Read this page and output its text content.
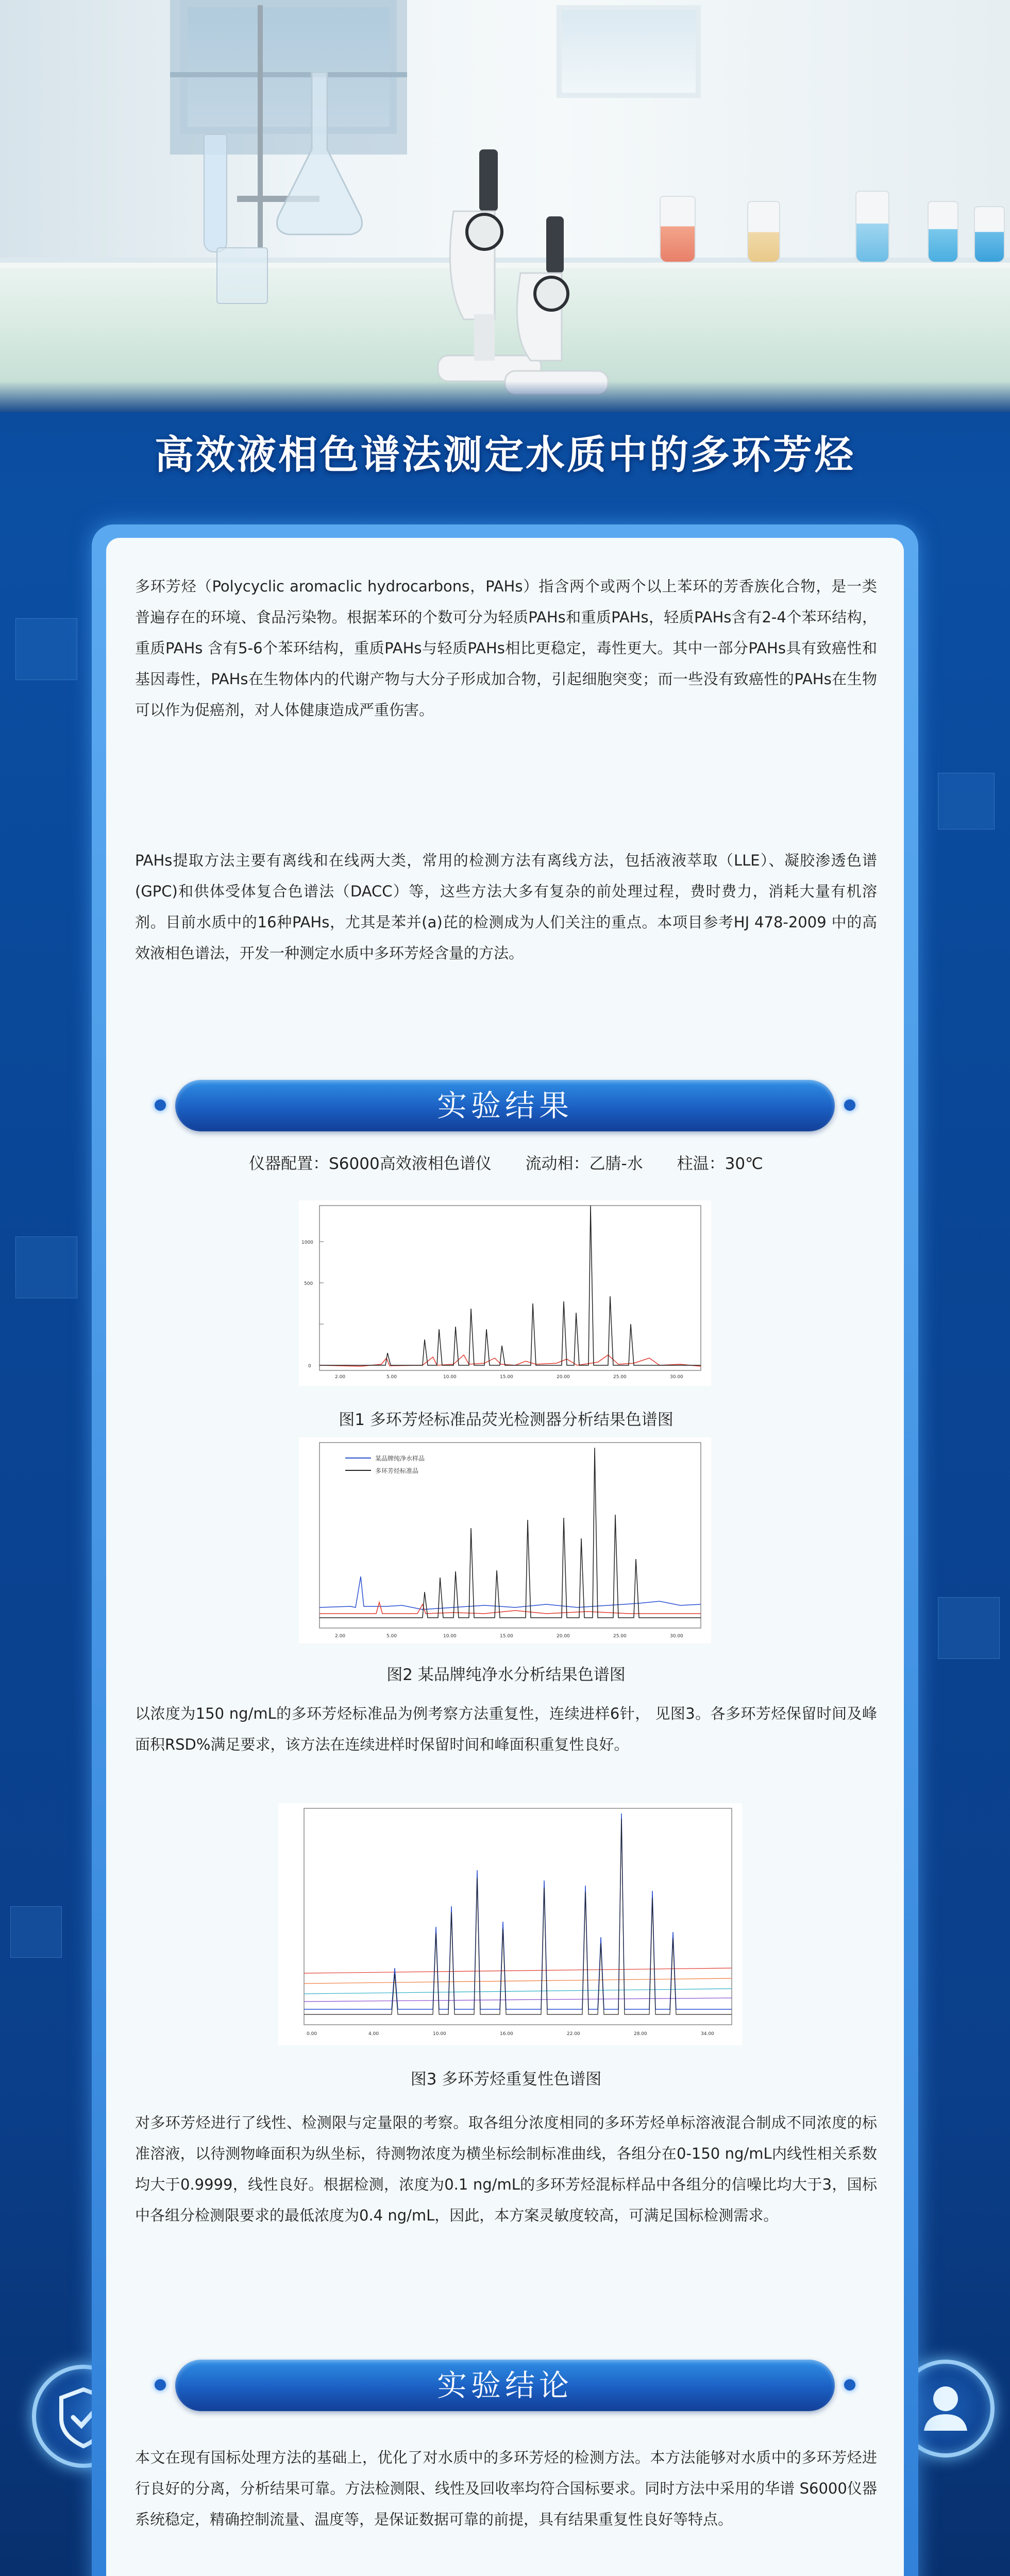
高效液相色谱法测定水质中的多环芳烃

多环芳烃（Polycyclic aromaclic hydrocarbons，PAHs）指含两个或两个以上苯环的芳香族化合物，是一类普遍存在的环境、食品污染物。根据苯环的个数可分为轻质PAHs和重质PAHs，轻质PAHs含有2-4个苯环结构，重质PAHs 含有5-6个苯环结构，重质PAHs与轻质PAHs相比更稳定，毒性更大。其中一部分PAHs具有致癌性和基因毒性，PAHs在生物体内的代谢产物与大分子形成加合物，引起细胞突变；而一些没有致癌性的PAHs在生物可以作为促癌剂，对人体健康造成严重伤害。

PAHs提取方法主要有离线和在线两大类，常用的检测方法有离线方法，包括液液萃取（LLE）、凝胶渗透色谱(GPC)和供体受体复合色谱法（DACC）等，这些方法大多有复杂的前处理过程，费时费力，消耗大量有机溶剂。目前水质中的16种PAHs，尤其是苯并(a)芘的检测成为人们关注的重点。本项目参考HJ 478-2009 中的高效液相色谱法，开发一种测定水质中多环芳烃含量的方法。

实验结果
仪器配置：S6000高效液相色谱仪 流动相：乙腈-水 柱温：30℃
2.00	5.00	10.00	15.00	20.00	25.00	30.00
1000
500
0
图1 多环芳烃标准品荧光检测器分析结果色谱图
某品牌纯净水样品
多环芳烃标准品
2.00	5.00	10.00	15.00	20.00	25.00	30.00
图2 某品牌纯净水分析结果色谱图

以浓度为150 ng/mL的多环芳烃标准品为例考察方法重复性，连续进样6针， 见图3。各多环芳烃保留时间及峰面积RSD%满足要求，该方法在连续进样时保留时间和峰面积重复性良好。

0.00	4.00	10.00	16.00	22.00	28.00	34.00
图3 多环芳烃重复性色谱图

对多环芳烃进行了线性、检测限与定量限的考察。取各组分浓度相同的多环芳烃单标溶液混合制成不同浓度的标准溶液，以待测物峰面积为纵坐标，待测物浓度为横坐标绘制标准曲线，各组分在0-150 ng/mL内线性相关系数均大于0.9999，线性良好。根据检测，浓度为0.1 ng/mL的多环芳烃混标样品中各组分的信噪比均大于3，国标中各组分检测限要求的最低浓度为0.4 ng/mL，因此，本方案灵敏度较高，可满足国标检测需求。

实验结论

本文在现有国标处理方法的基础上，优化了对水质中的多环芳烃的检测方法。本方法能够对水质中的多环芳烃进行良好的分离，分析结果可靠。方法检测限、线性及回收率均符合国标要求。同时方法中采用的华谱 S6000仪器系统稳定，精确控制流量、温度等，是保证数据可靠的前提，具有结果重复性良好等特点。
